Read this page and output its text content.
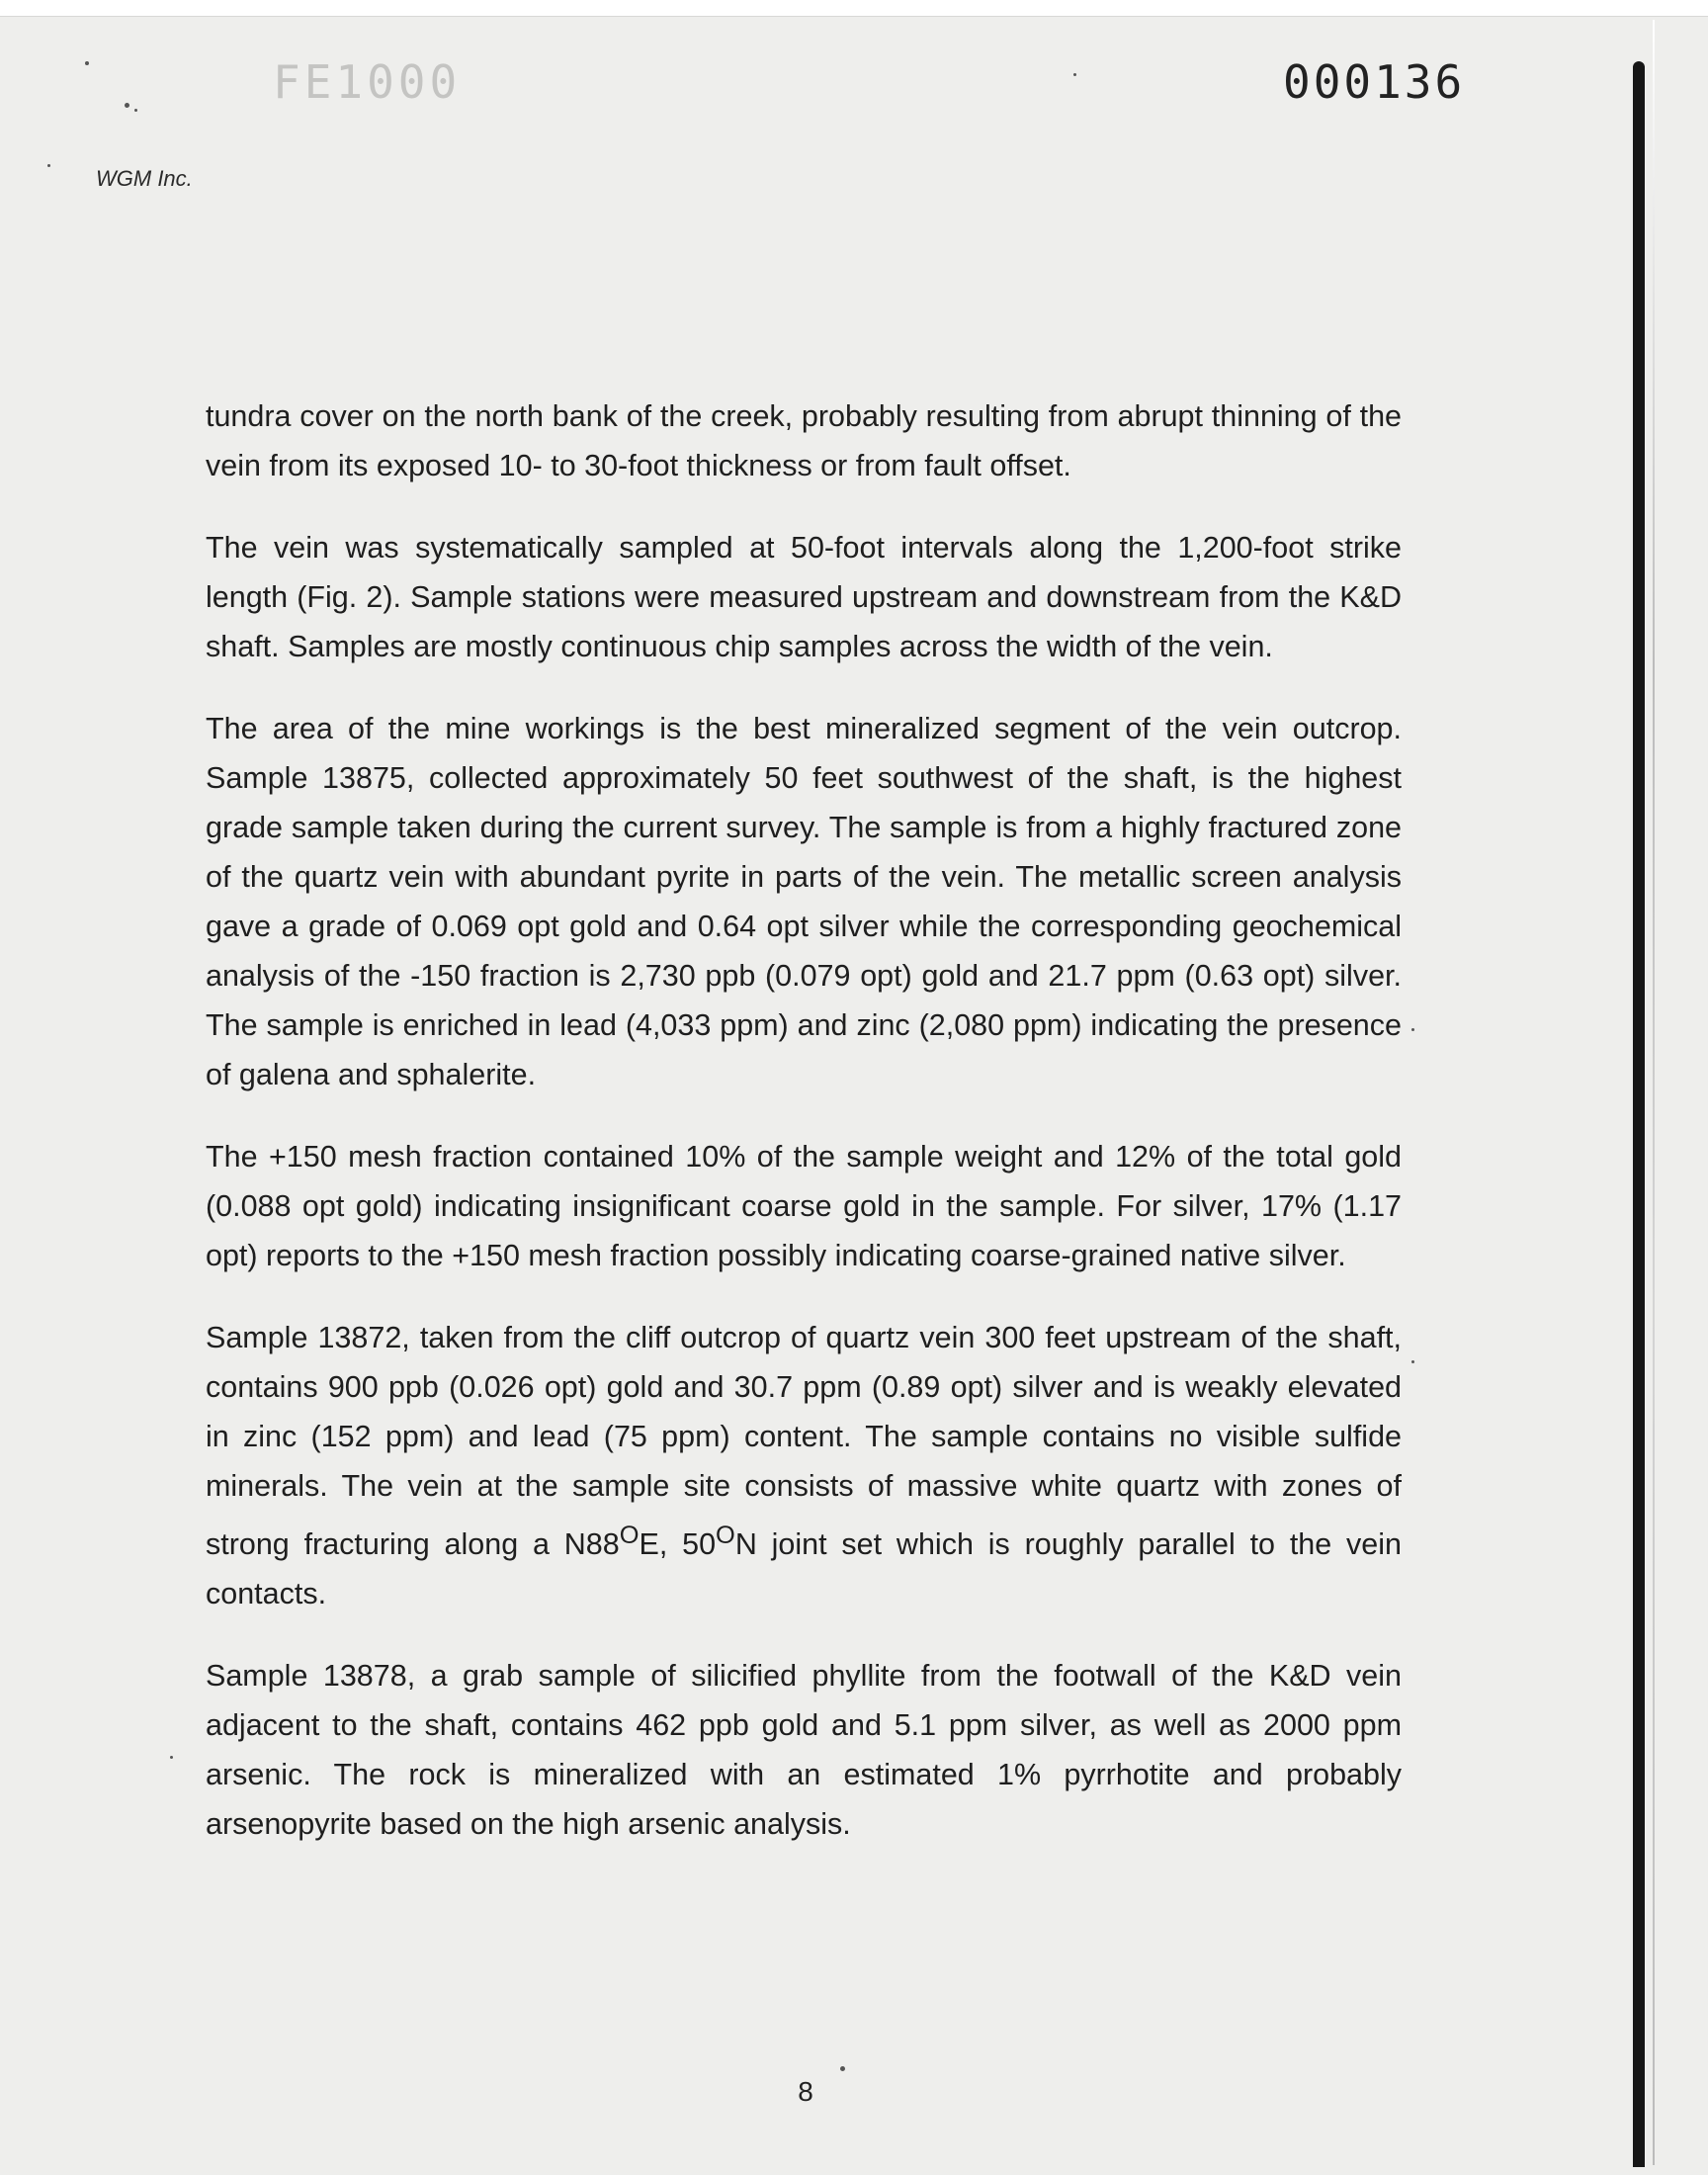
FE1000	000136
WGM Inc.

tundra cover on the north bank of the creek, probably resulting from abrupt thinning of the vein from its exposed 10- to 30-foot thickness or from fault offset.

The vein was systematically sampled at 50-foot intervals along the 1,200-foot strike length (Fig. 2). Sample stations were measured upstream and downstream from the K&D shaft. Samples are mostly continuous chip samples across the width of the vein.

The area of the mine workings is the best mineralized segment of the vein outcrop. Sample 13875, collected approximately 50 feet southwest of the shaft, is the highest grade sample taken during the current survey. The sample is from a highly fractured zone of the quartz vein with abundant pyrite in parts of the vein. The metallic screen analysis gave a grade of 0.069 opt gold and 0.64 opt silver while the corresponding geochemical analysis of the -150 fraction is 2,730 ppb (0.079 opt) gold and 21.7 ppm (0.63 opt) silver. The sample is enriched in lead (4,033 ppm) and zinc (2,080 ppm) indicating the presence of galena and sphalerite.

The +150 mesh fraction contained 10% of the sample weight and 12% of the total gold (0.088 opt gold) indicating insignificant coarse gold in the sample. For silver, 17% (1.17 opt) reports to the +150 mesh fraction possibly indicating coarse-grained native silver.

Sample 13872, taken from the cliff outcrop of quartz vein 300 feet upstream of the shaft, contains 900 ppb (0.026 opt) gold and 30.7 ppm (0.89 opt) silver and is weakly elevated in zinc (152 ppm) and lead (75 ppm) content. The sample contains no visible sulfide minerals. The vein at the sample site consists of massive white quartz with zones of strong fracturing along a $N88^OE$, $50^ON$ joint set which is roughly parallel to the vein contacts.

Sample 13878, a grab sample of silicified phyllite from the footwall of the K&D vein adjacent to the shaft, contains 462 ppb gold and 5.1 ppm silver, as well as 2000 ppm arsenic. The rock is mineralized with an estimated 1% pyrrhotite and probably arsenopyrite based on the high arsenic analysis.

8
